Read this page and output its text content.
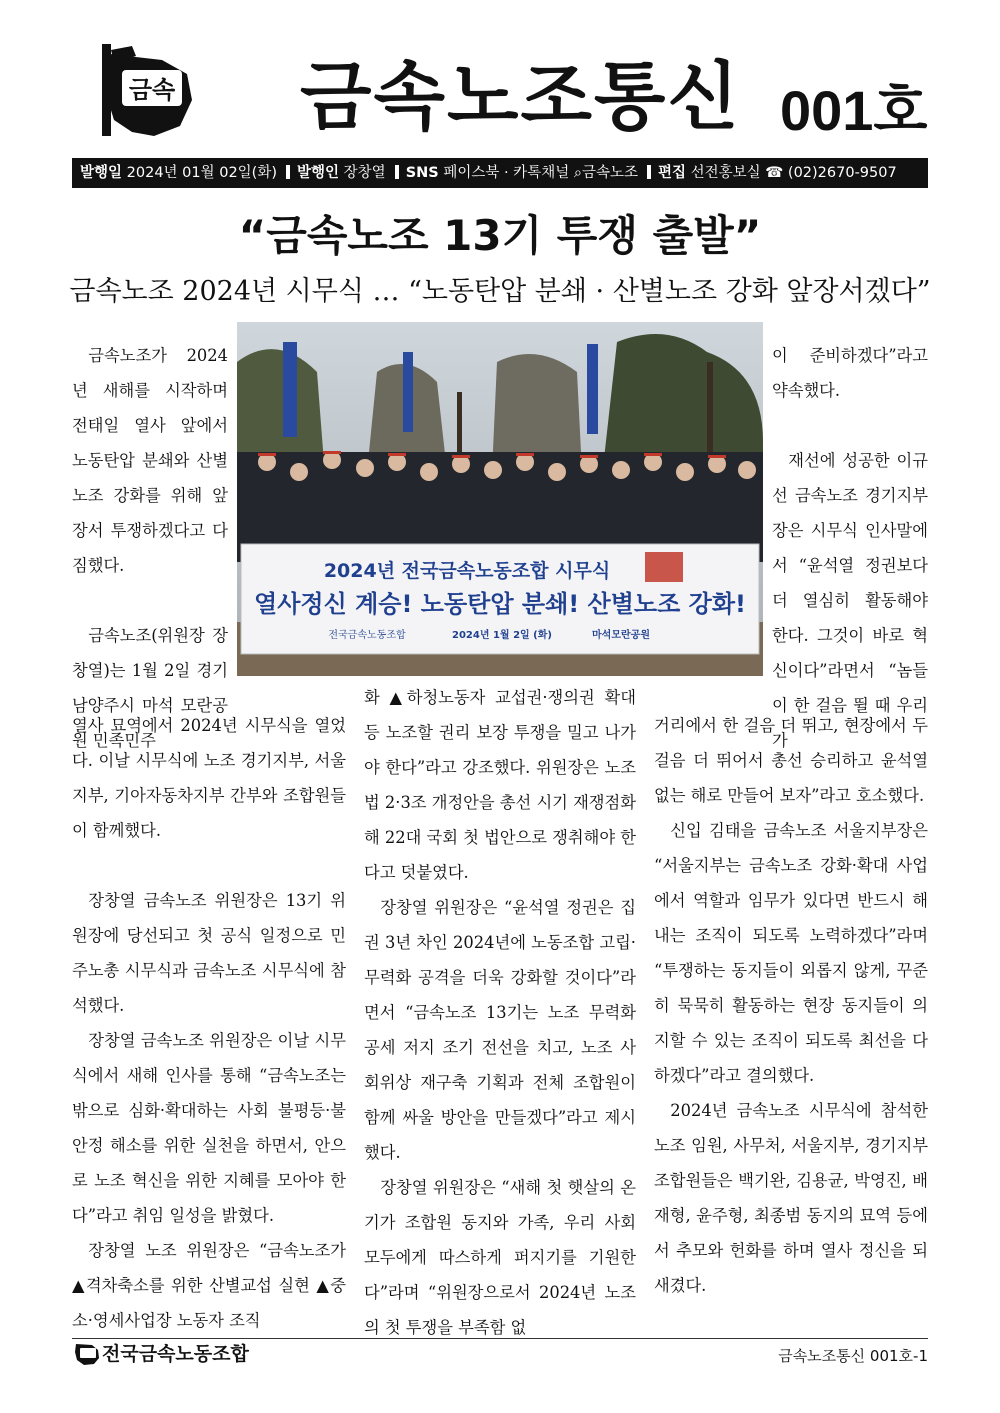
금속 금속노조통신 001호
발행일 2024년 01월 02일(화) 발행인 장창열 SNS 페이스북 · 카톡채널 ⌕금속노조 편집 선전홍보실 ☎ (02)2670-9507
“금속노조 13기 투쟁 출발”
금속노조 2024년 시무식 … “노동탄압 분쇄 · 산별노조 강화 앞장서겠다”
2024년 전국금속노동조합 시무식
열사정신 계승! 노동탄압 분쇄! 산별노조 강화!
전국금속노동조합	2024년 1월 2일 (화)	마석모란공원

금속노조가 2024 년 새해를 시작하며 전태일 열사 앞에서 노동탄압 분쇄와 산별노조 강화를 위해 앞장서 투쟁하겠다고 다짐했다.

금속노조(위원장 장창열)는 1월 2일 경기 남양주시 마석 모란공원 민족민주

열사 묘역에서 2024년 시무식을 열었다. 이날 시무식에 노조 경기지부, 서울지부, 기아자동차지부 간부와 조합원들이 함께했다.

장창열 금속노조 위원장은 13기 위원장에 당선되고 첫 공식 일정으로 민주노총 시무식과 금속노조 시무식에 참석했다.

장창열 금속노조 위원장은 이날 시무식에서 새해 인사를 통해 “금속노조는 밖으로 심화·확대하는 사회 불평등·불안정 해소를 위한 실천을 하면서, 안으로 노조 혁신을 위한 지혜를 모아야 한다”라고 취임 일성을 밝혔다.

장창열 노조 위원장은 “금속노조가 ▲격차축소를 위한 산별교섭 실현 ▲중소·영세사업장 노동자 조직

화 ▲하청노동자 교섭권·쟁의권 확대 등 노조할 권리 보장 투쟁을 밀고 나가야 한다”라고 강조했다. 위원장은 노조법 2·3조 개정안을 총선 시기 재쟁점화해 22대 국회 첫 법안으로 쟁취해야 한다고 덧붙였다.

장창열 위원장은 “윤석열 정권은 집권 3년 차인 2024년에 노동조합 고립·무력화 공격을 더욱 강화할 것이다”라면서 “금속노조 13기는 노조 무력화 공세 저지 조기 전선을 치고, 노조 사회위상 재구축 기획과 전체 조합원이 함께 싸울 방안을 만들겠다”라고 제시했다.

장창열 위원장은 “새해 첫 햇살의 온기가 조합원 동지와 가족, 우리 사회 모두에게 따스하게 퍼지기를 기원한다”라며 “위원장으로서 2024년 노조의 첫 투쟁을 부족함 없

이 준비하겠다”라고 약속했다.

재선에 성공한 이규선 금속노조 경기지부장은 시무식 인사말에서 “윤석열 정권보다 더 열심히 활동해야 한다. 그것이 바로 혁신이다”라면서 “놈들이 한 걸음 뛸 때 우리가

거리에서 한 걸음 더 뛰고, 현장에서 두 걸음 더 뛰어서 총선 승리하고 윤석열 없는 해로 만들어 보자”라고 호소했다.

신입 김태을 금속노조 서울지부장은 “서울지부는 금속노조 강화·확대 사업에서 역할과 임무가 있다면 반드시 해내는 조직이 되도록 노력하겠다”라며 “투쟁하는 동지들이 외롭지 않게, 꾸준히 묵묵히 활동하는 현장 동지들이 의지할 수 있는 조직이 되도록 최선을 다하겠다”라고 결의했다.

2024년 금속노조 시무식에 참석한 노조 임원, 사무처, 서울지부, 경기지부 조합원들은 백기완, 김용균, 박영진, 배재형, 윤주형, 최종범 동지의 묘역 등에서 추모와 헌화를 하며 열사 정신을 되새겼다.

전국금속노동조합	금속노조통신 001호-1
